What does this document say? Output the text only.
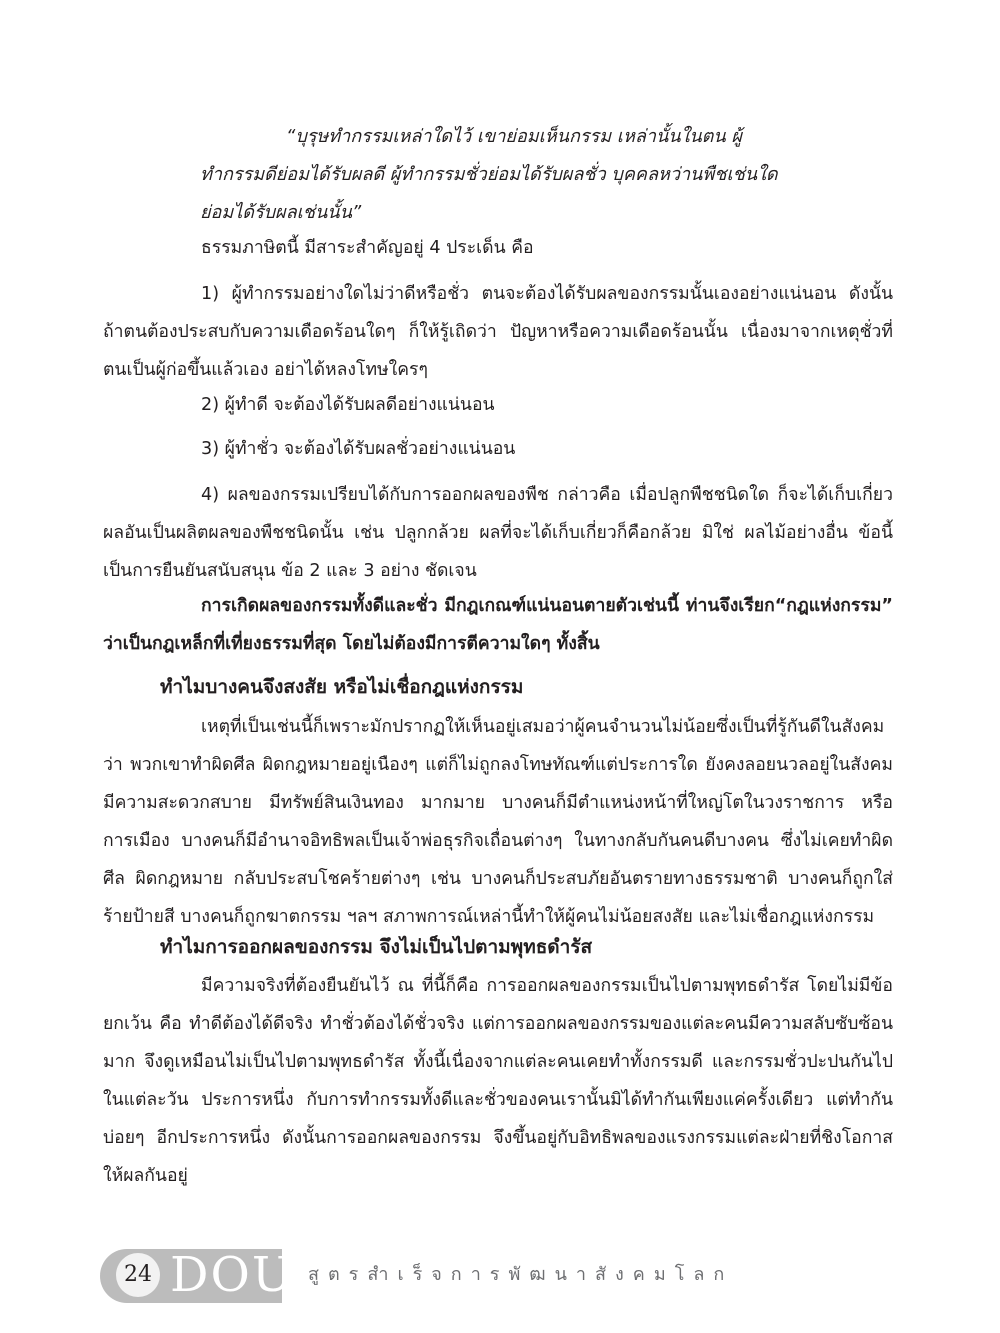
“บุรุษทำกรรมเหล่าใดไว้ เขาย่อมเห็นกรรม เหล่านั้นในตน ผู้

ทำกรรมดีย่อมได้รับผลดี ผู้ทำกรรมชั่วย่อมได้รับผลชั่ว บุคคลหว่านพืชเช่นใด

ย่อมได้รับผลเช่นนั้น”

ธรรมภาษิตนี้ มีสาระสำคัญอยู่ 4 ประเด็น คือ

1) ผู้ทำกรรมอย่างใดไม่ว่าดีหรือชั่ว ตนจะต้องได้รับผลของกรรมนั้นเองอย่างแน่นอน ดังนั้น ถ้าตนต้องประสบกับความเดือดร้อนใดๆ ก็ให้รู้เถิดว่า ปัญหาหรือความเดือดร้อนนั้น เนื่องมาจากเหตุชั่วที่ตนเป็นผู้ก่อขึ้นแล้วเอง อย่าได้หลงโทษใครๆ

2) ผู้ทำดี จะต้องได้รับผลดีอย่างแน่นอน

3) ผู้ทำชั่ว จะต้องได้รับผลชั่วอย่างแน่นอน

4) ผลของกรรมเปรียบได้กับการออกผลของพืช กล่าวคือ เมื่อปลูกพืชชนิดใด ก็จะได้เก็บเกี่ยวผลอันเป็นผลิตผลของพืชชนิดนั้น เช่น ปลูกกล้วย ผลที่จะได้เก็บเกี่ยวก็คือกล้วย มิใช่ ผลไม้อย่างอื่น ข้อนี้เป็นการยืนยันสนับสนุน ข้อ 2 และ 3 อย่าง ชัดเจน

การเกิดผลของกรรมทั้งดีและชั่ว มีกฎเกณฑ์แน่นอนตายตัวเช่นนี้ ท่านจึงเรียก“กฎแห่งกรรม” ว่าเป็นกฎเหล็กที่เที่ยงธรรมที่สุด โดยไม่ต้องมีการตีความใดๆ ทั้งสิ้น

ทำไมบางคนจึงสงสัย หรือไม่เชื่อกฎแห่งกรรม

เหตุที่เป็นเช่นนี้ก็เพราะมักปรากฏให้เห็นอยู่เสมอว่าผู้คนจำนวนไม่น้อยซึ่งเป็นที่รู้กันดีในสังคมว่า พวกเขาทำผิดศีล ผิดกฎหมายอยู่เนืองๆ แต่ก็ไม่ถูกลงโทษทัณฑ์แต่ประการใด ยังคงลอยนวลอยู่ในสังคม มีความสะดวกสบาย มีทรัพย์สินเงินทอง มากมาย บางคนก็มีตำแหน่งหน้าที่ใหญ่โตในวงราชการ หรือการเมือง บางคนก็มีอำนาจอิทธิพลเป็นเจ้าพ่อธุรกิจเถื่อนต่างๆ ในทางกลับกันคนดีบางคน ซึ่งไม่เคยทำผิดศีล ผิดกฎหมาย กลับประสบโชคร้ายต่างๆ เช่น บางคนก็ประสบภัยอันตรายทางธรรมชาติ บางคนก็ถูกใส่ร้ายป้ายสี บางคนก็ถูกฆาตกรรม ฯลฯ สภาพการณ์เหล่านี้ทำให้ผู้คนไม่น้อยสงสัย และไม่เชื่อกฎแห่งกรรม

ทำไมการออกผลของกรรม จึงไม่เป็นไปตามพุทธดำรัส

มีความจริงที่ต้องยืนยันไว้ ณ ที่นี้ก็คือ การออกผลของกรรมเป็นไปตามพุทธดำรัส โดยไม่มีข้อยกเว้น คือ ทำดีต้องได้ดีจริง ทำชั่วต้องได้ชั่วจริง แต่การออกผลของกรรมของแต่ละคนมีความสลับซับซ้อนมาก จึงดูเหมือนไม่เป็นไปตามพุทธดำรัส ทั้งนี้เนื่องจากแต่ละคนเคยทำทั้งกรรมดี และกรรมชั่วปะปนกันไปในแต่ละวัน ประการหนึ่ง กับการทำกรรมทั้งดีและชั่วของคนเรานั้นมิได้ทำกันเพียงแค่ครั้งเดียว แต่ทำกันบ่อยๆ อีกประการหนึ่ง ดังนั้นการออกผลของกรรม จึงขึ้นอยู่กับอิทธิพลของแรงกรรมแต่ละฝ่ายที่ชิงโอกาสให้ผลกันอยู่

24 DOU สูตรสำเร็จการพัฒนาสังคมโลก
